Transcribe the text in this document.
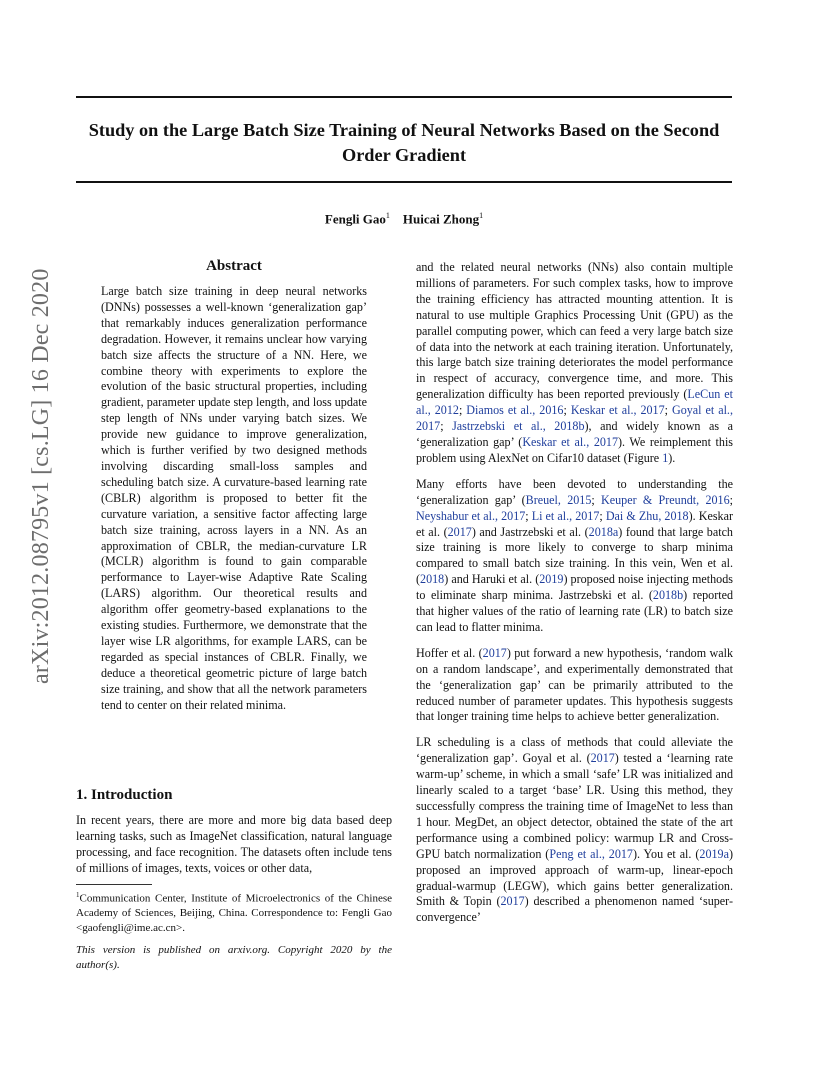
Study on the Large Batch Size Training of Neural Networks Based on the Second Order Gradient
Fengli Gao$^1$ Huicai Zhong$^1$
arXiv:2012.08795v1 [cs.LG] 16 Dec 2020
Abstract

Large batch size training in deep neural networks (DNNs) possesses a well-known ‘generalization gap’ that remarkably induces generalization performance degradation. However, it remains unclear how varying batch size affects the structure of a NN. Here, we combine theory with experiments to explore the evolution of the basic structural properties, including gradient, parameter update step length, and loss update step length of NNs under varying batch sizes. We provide new guidance to improve generalization, which is further verified by two designed methods involving discarding small-loss samples and scheduling batch size. A curvature-based learning rate (CBLR) algorithm is proposed to better fit the curvature variation, a sensitive factor affecting large batch size training, across layers in a NN. As an approximation of CBLR, the median-curvature LR (MCLR) algorithm is found to gain comparable performance to Layer-wise Adaptive Rate Scaling (LARS) algorithm. Our theoretical results and algorithm offer geometry-based explanations to the existing studies. Furthermore, we demonstrate that the layer wise LR algorithms, for example LARS, can be regarded as special instances of CBLR. Finally, we deduce a theoretical geometric picture of large batch size training, and show that all the network parameters tend to center on their related minima.

1. Introduction

In recent years, there are more and more big data based deep learning tasks, such as ImageNet classification, natural language processing, and face recognition. The datasets often include tens of millions of images, texts, voices or other data,

$^1$Communication Center, Institute of Microelectronics of the Chinese Academy of Sciences, Beijing, China. Correspondence to: Fengli Gao <gaofengli@ime.ac.cn>.

This version is published on arxiv.org. Copyright 2020 by the author(s).

and the related neural networks (NNs) also contain multiple millions of parameters. For such complex tasks, how to improve the training efficiency has attracted mounting attention. It is natural to use multiple Graphics Processing Unit (GPU) as the parallel computing power, which can feed a very large batch size of data into the network at each training iteration. Unfortunately, this large batch size training deteriorates the model performance in respect of accuracy, convergence time, and more. This generalization difficulty has been reported previously (LeCun et al., 2012; Diamos et al., 2016; Keskar et al., 2017; Goyal et al., 2017; Jastrzebski et al., 2018b), and widely known as a ‘generalization gap’ (Keskar et al., 2017). We reimplement this problem using AlexNet on Cifar10 dataset (Figure 1).

Many efforts have been devoted to understanding the ‘generalization gap’ (Breuel, 2015; Keuper & Preundt, 2016; Neyshabur et al., 2017; Li et al., 2017; Dai & Zhu, 2018). Keskar et al. (2017) and Jastrzebski et al. (2018a) found that large batch size training is more likely to converge to sharp minima compared to small batch size training. In this vein, Wen et al. (2018) and Haruki et al. (2019) proposed noise injecting methods to eliminate sharp minima. Jastrzebski et al. (2018b) reported that higher values of the ratio of learning rate (LR) to batch size can lead to flatter minima.

Hoffer et al. (2017) put forward a new hypothesis, ‘random walk on a random landscape’, and experimentally demonstrated that the ‘generalization gap’ can be primarily attributed to the reduced number of parameter updates. This hypothesis suggests that longer training time helps to achieve better generalization.

LR scheduling is a class of methods that could alleviate the ‘generalization gap’. Goyal et al. (2017) tested a ‘learning rate warm-up’ scheme, in which a small ‘safe’ LR was initialized and linearly scaled to a target ‘base’ LR. Using this method, they successfully compress the training time of ImageNet to less than 1 hour. MegDet, an object detector, obtained the state of the art performance using a combined policy: warmup LR and Cross-GPU batch normalization (Peng et al., 2017). You et al. (2019a) proposed an improved approach of warm-up, linear-epoch gradual-warmup (LEGW), which gains better generalization. Smith & Topin (2017) described a phenomenon named ‘super-convergence’
